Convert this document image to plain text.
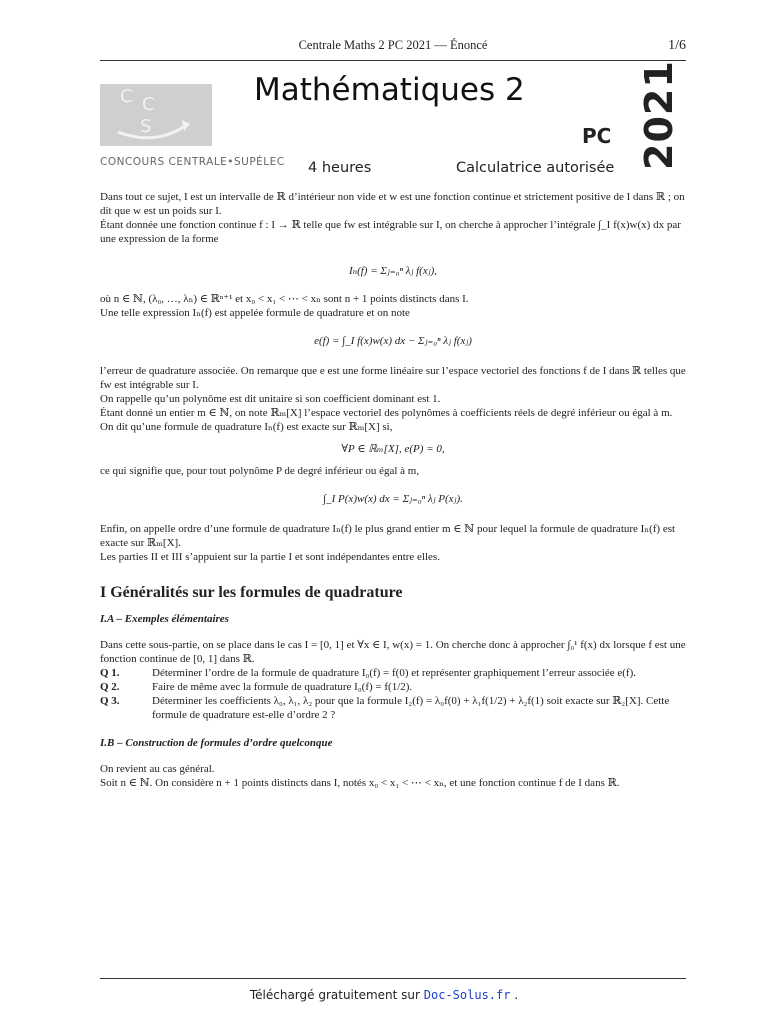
Centrale Maths 2 PC 2021 — Énoncé	1/6
C C
S
CONCOURS CENTRALE•SUPÉLEC
Mathématiques 2
PC 2021
4 heures	Calculatrice autorisée

Dans tout ce sujet, I est un intervalle de ℝ d’intérieur non vide et w est une fonction continue et strictement positive de I dans ℝ ; on dit que w est un poids sur I.

Étant donnée une fonction continue f : I → ℝ telle que fw est intégrable sur I, on cherche à approcher l’intégrale ∫_I f(x)w(x) dx par une expression de la forme

Iₙ(f) = Σⱼ₌₀ⁿ λⱼ f(xⱼ),

où n ∈ ℕ, (λ₀, …, λₙ) ∈ ℝⁿ⁺¹ et x₀ < x₁ < ⋯ < xₙ sont n + 1 points distincts dans I.

Une telle expression Iₙ(f) est appelée formule de quadrature et on note

e(f) = ∫_I f(x)w(x) dx − Σⱼ₌₀ⁿ λⱼ f(xⱼ)

l’erreur de quadrature associée. On remarque que e est une forme linéaire sur l’espace vectoriel des fonctions f de I dans ℝ telles que fw est intégrable sur I.

On rappelle qu’un polynôme est dit unitaire si son coefficient dominant est 1.

Étant donné un entier m ∈ ℕ, on note ℝₘ[X] l’espace vectoriel des polynômes à coefficients réels de degré inférieur ou égal à m. On dit qu’une formule de quadrature Iₙ(f) est exacte sur ℝₘ[X] si,

∀P ∈ ℝₘ[X], e(P) = 0,

ce qui signifie que, pour tout polynôme P de degré inférieur ou égal à m,

∫_I P(x)w(x) dx = Σⱼ₌₀ⁿ λⱼ P(xⱼ).

Enfin, on appelle ordre d’une formule de quadrature Iₙ(f) le plus grand entier m ∈ ℕ pour lequel la formule de quadrature Iₙ(f) est exacte sur ℝₘ[X].

Les parties II et III s’appuient sur la partie I et sont indépendantes entre elles.

I Généralités sur les formules de quadrature
I.A – Exemples élémentaires

Dans cette sous-partie, on se place dans le cas I = [0, 1] et ∀x ∈ I, w(x) = 1. On cherche donc à approcher ∫₀¹ f(x) dx lorsque f est une fonction continue de [0, 1] dans ℝ.

Q 1.	Déterminer l’ordre de la formule de quadrature I₀(f) = f(0) et représenter graphiquement l’erreur associée e(f).
Q 2.	Faire de même avec la formule de quadrature I₀(f) = f(1/2).
Q 3.	Déterminer les coefficients λ₀, λ₁, λ₂ pour que la formule I₂(f) = λ₀f(0) + λ₁f(1/2) + λ₂f(1) soit exacte sur ℝ₂[X]. Cette formule de quadrature est-elle d’ordre 2 ?
I.B – Construction de formules d’ordre quelconque

On revient au cas général.

Soit n ∈ ℕ. On considère n + 1 points distincts dans I, notés x₀ < x₁ < ⋯ < xₙ, et une fonction continue f de I dans ℝ.

Téléchargé gratuitement sur Doc-Solus.fr .
